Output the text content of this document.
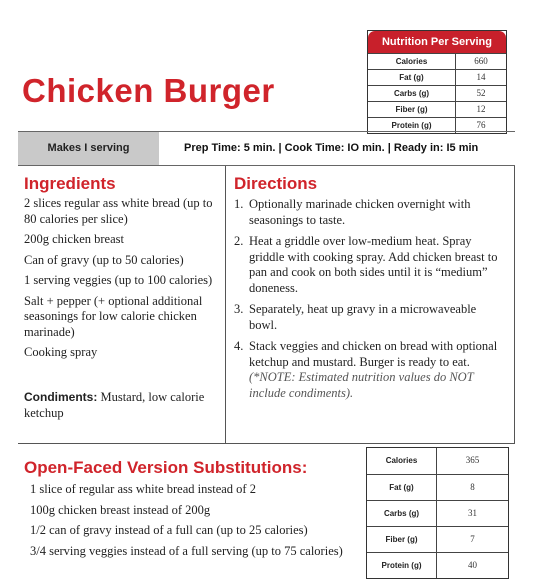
Chicken Burger
Nutrition Per Serving
Calories	660
Fat (g)	14
Carbs (g)	52
Fiber (g)	12
Protein (g)	76
Makes I serving	Prep Time: 5 min. | Cook Time: IO min. | Ready in: I5 min
Ingredients
2 slices regular ass white bread (up to 80 calories per slice)
200g chicken breast
Can of gravy (up to 50 calories)
1 serving veggies (up to 100 calories)
Salt + pepper (+ optional additional seasonings for low calorie chicken marinade)
Cooking spray
Condiments: Mustard, low calorie ketchup
Directions
1. Optionally marinade chicken overnight with seasonings to taste.
2. Heat a griddle over low-medium heat. Spray griddle with cooking spray. Add chicken breast to pan and cook on both sides until it is “medium” doneness.
3. Separately, heat up gravy in a microwaveable bowl.
4. Stack veggies and chicken on bread with optional ketchup and mustard. Burger is ready to eat. (*NOTE: Estimated nutrition values do NOT include condiments).
Open-Faced Version Substitutions:
1 slice of regular ass white bread instead of 2
100g chicken breast instead of 200g
1/2 can of gravy instead of a full can (up to 25 calories)
3/4 serving veggies instead of a full serving (up to 75 calories)
Calories	365
Fat (g)	8
Carbs (g)	31
Fiber (g)	7
Protein (g)	40
